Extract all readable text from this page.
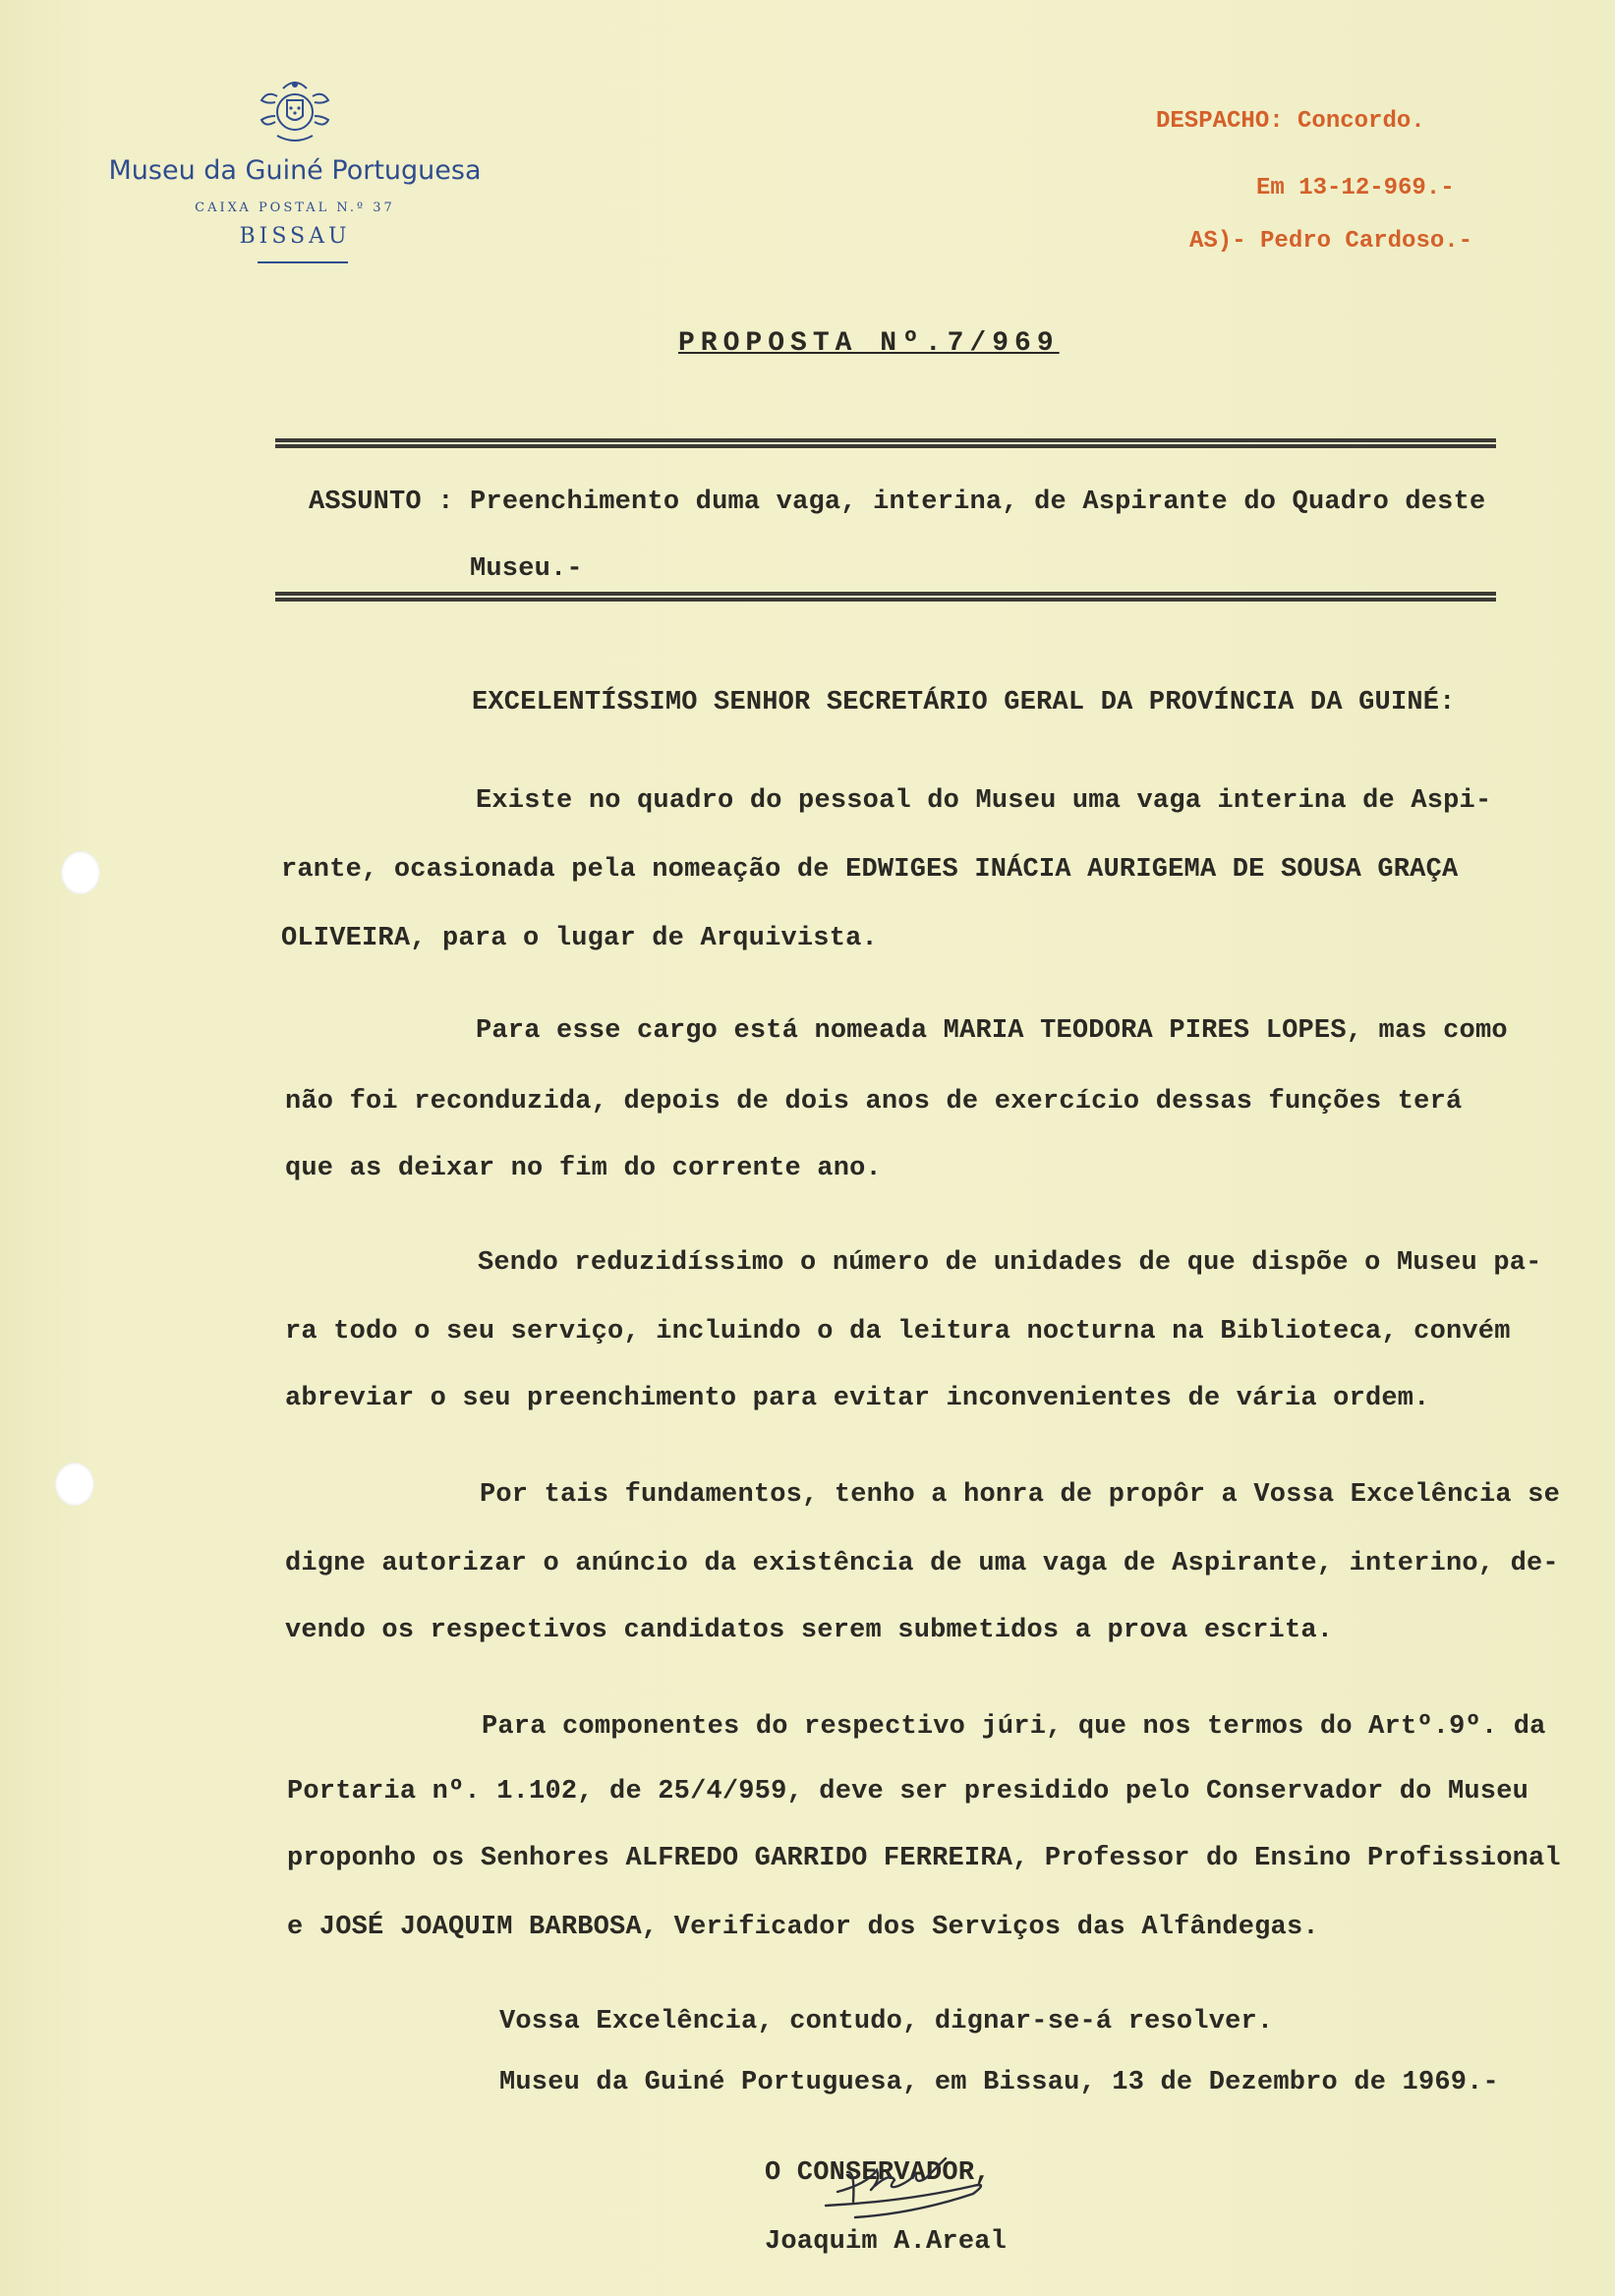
Museu da Guiné Portuguesa
CAIXA POSTAL N.º 37
BISSAU
DESPACHO: Concordo.
Em 13-12-969.-
AS)- Pedro Cardoso.-
PROPOSTA Nº.7/969
ASSUNTO : Preenchimento duma vaga, interina, de Aspirante do Quadro deste
Museu.-
EXCELENTÍSSIMO SENHOR SECRETÁRIO GERAL DA PROVÍNCIA DA GUINÉ:
Existe no quadro do pessoal do Museu uma vaga interina de Aspi-
rante, ocasionada pela nomeação de EDWIGES INÁCIA AURIGEMA DE SOUSA GRAÇA
OLIVEIRA, para o lugar de Arquivista.
Para esse cargo está nomeada MARIA TEODORA PIRES LOPES, mas como
não foi reconduzida, depois de dois anos de exercício dessas funções terá
que as deixar no fim do corrente ano.
Sendo reduzidíssimo o número de unidades de que dispõe o Museu pa-
ra todo o seu serviço, incluindo o da leitura nocturna na Biblioteca, convém
abreviar o seu preenchimento para evitar inconvenientes de vária ordem.
Por tais fundamentos, tenho a honra de propôr a Vossa Excelência se
digne autorizar o anúncio da existência de uma vaga de Aspirante, interino, de-
vendo os respectivos candidatos serem submetidos a prova escrita.
Para componentes do respectivo júri, que nos termos do Artº.9º. da
Portaria nº. 1.102, de 25/4/959, deve ser presidido pelo Conservador do Museu
proponho os Senhores ALFREDO GARRIDO FERREIRA, Professor do Ensino Profissional
e JOSÉ JOAQUIM BARBOSA, Verificador dos Serviços das Alfândegas.
Vossa Excelência, contudo, dignar-se-á resolver.
Museu da Guiné Portuguesa, em Bissau, 13 de Dezembro de 1969.-
O CONSERVADOR,
Joaquim A.Areal
